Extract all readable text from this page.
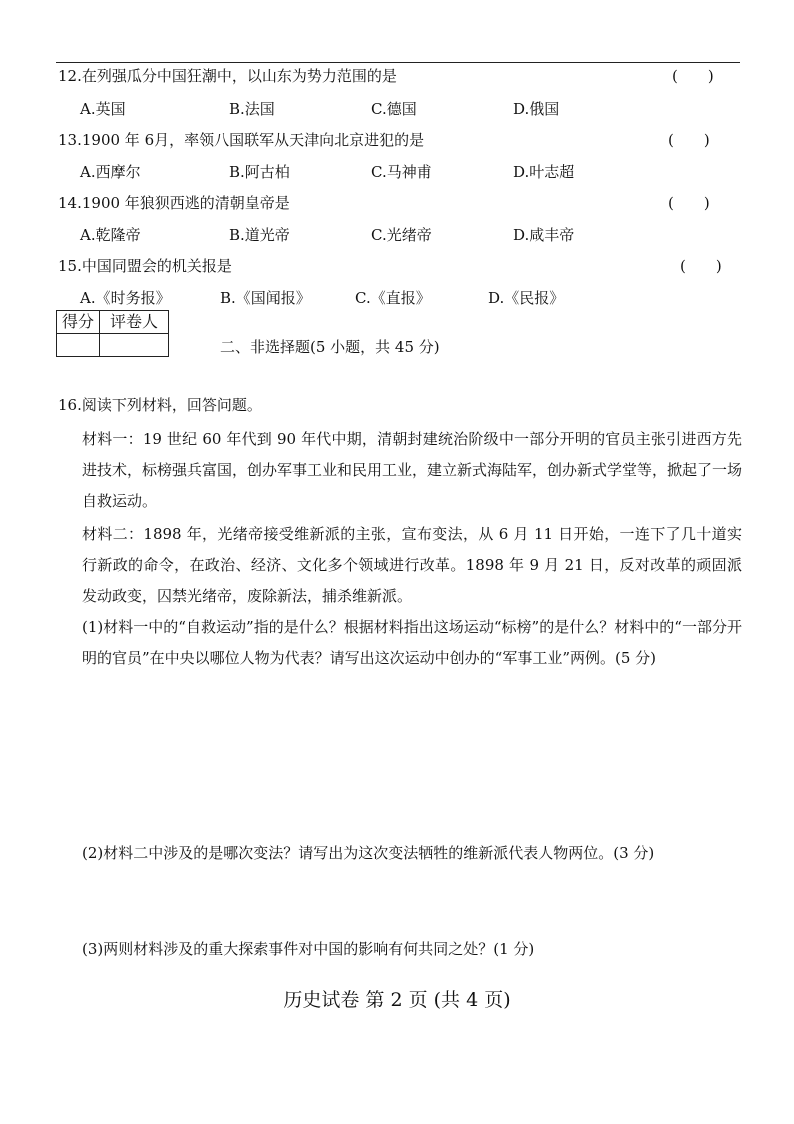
12.在列强瓜分中国狂潮中，以山东为势力范围的是	(　　)
A.英国	B.法国	C.德国	D.俄国
13.1900 年 6月，率领八国联军从天津向北京进犯的是	(　　)
A.西摩尔	B.阿古柏	C.马神甫	D.叶志超
14.1900 年狼狈西逃的清朝皇帝是	(　　)
A.乾隆帝	B.道光帝	C.光绪帝	D.咸丰帝
15.中国同盟会的机关报是	(　　)
A.《时务报》	B.《国闻报》	C.《直报》	D.《民报》
得分	评卷人

二、非选择题(5 小题，共 45 分)
16.阅读下列材料，回答问题。
材料一：19 世纪 60 年代到 90 年代中期，清朝封建统治阶级中一部分开明的官员主张引进西方先进技术，标榜强兵富国，创办军事工业和民用工业，建立新式海陆军，创办新式学堂等，掀起了一场自救运动。
材料二：1898 年，光绪帝接受维新派的主张，宣布变法，从 6 月 11 日开始，一连下了几十道实行新政的命令，在政治、经济、文化多个领域进行改革。1898 年 9 月 21 日，反对改革的顽固派发动政变，囚禁光绪帝，废除新法，捕杀维新派。
(1)材料一中的“自救运动”指的是什么？根据材料指出这场运动“标榜”的是什么？材料中的“一部分开明的官员”在中央以哪位人物为代表？请写出这次运动中创办的“军事工业”两例。(5 分)
(2)材料二中涉及的是哪次变法？请写出为这次变法牺牲的维新派代表人物两位。(3 分)
(3)两则材料涉及的重大探索事件对中国的影响有何共同之处？(1 分)
历史试卷 第 2 页 (共 4 页)
